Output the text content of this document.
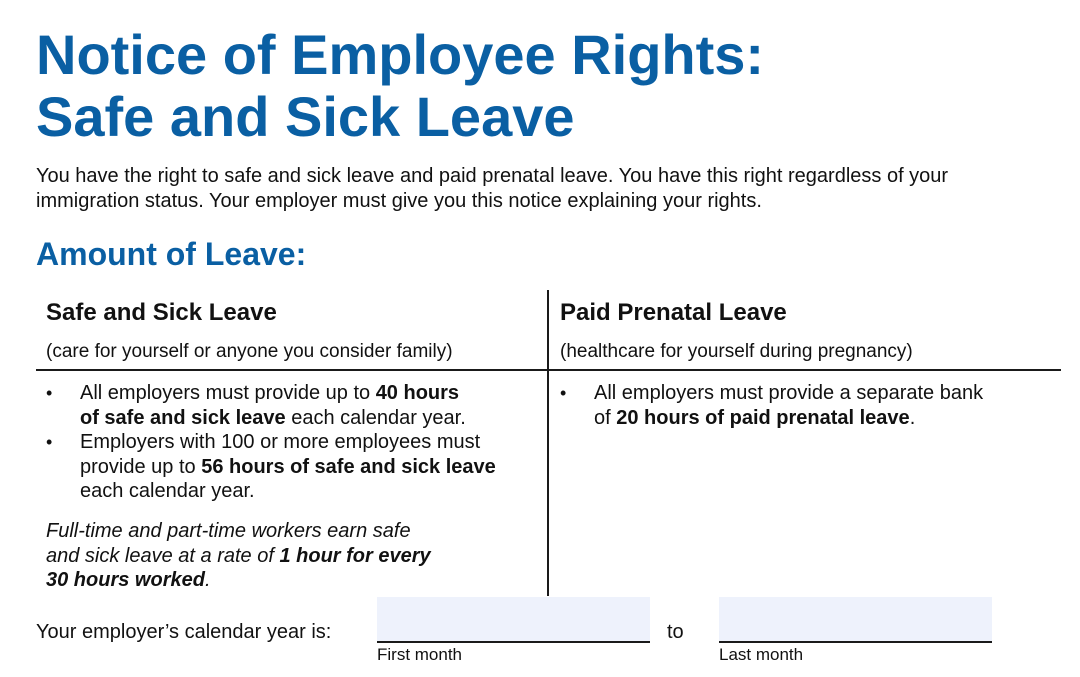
Notice of Employee Rights:
Safe and Sick Leave

You have the right to safe and sick leave and paid prenatal leave. You have this right regardless of your
immigration status. Your employer must give you this notice explaining your rights.

Amount of Leave:
Safe and Sick Leave
(care for yourself or anyone you consider family)
•	All employers must provide up to 40 hours
of safe and sick leave each calendar year.
•	Employers with 100 or more employees must
provide up to 56 hours of safe and sick leave
each calendar year.
Full-time and part-time workers earn safe
and sick leave at a rate of 1 hour for every
30 hours worked.
Paid Prenatal Leave
(healthcare for yourself during pregnancy)
•	All employers must provide a separate bank
of 20 hours of paid prenatal leave.
Your employer’s calendar year is:
First month
to
Last month
